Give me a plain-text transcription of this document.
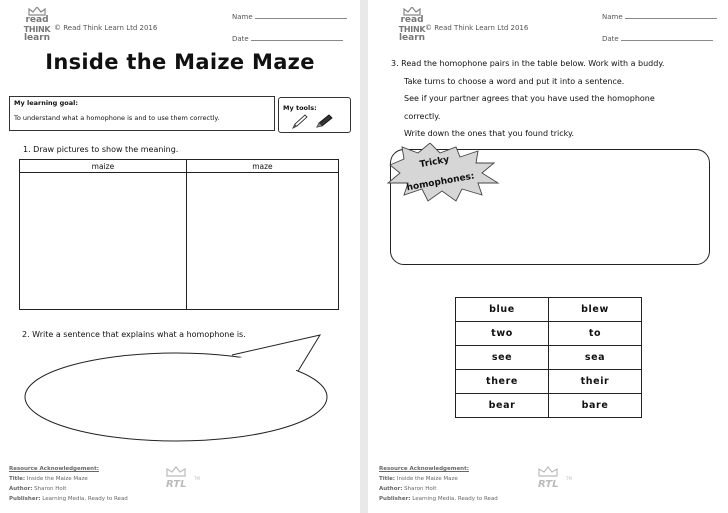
read
THINK
learn
© Read Think Learn Ltd 2016
Name
Date
Inside the Maize Maze
My learning goal:
To understand what a homophone is and to use them correctly.
My tools:
1. Draw pictures to show the meaning.
maize	maze

2. Write a sentence that explains what a homophone is.
Resource Acknowledgement:
Title: Inside the Maize Maze
Author: Sharon Holt
Publisher: Learning Media, Ready to Read
RTL
TM
read
THINK
learn
© Read Think Learn Ltd 2016
Name
Date
3. Read the homophone pairs in the table below. Work with a buddy.
Take turns to choose a word and put it into a sentence.
See if your partner agrees that you have used the homophone
correctly.
Write down the ones that you found tricky.
Tricky
homophones:
blue	blew
two	to
see	sea
there	their
bear	bare
Resource Acknowledgement:
Title: Inside the Maize Maze
Author: Sharon Holt
Publisher: Learning Media, Ready to Read
RTL
TM
